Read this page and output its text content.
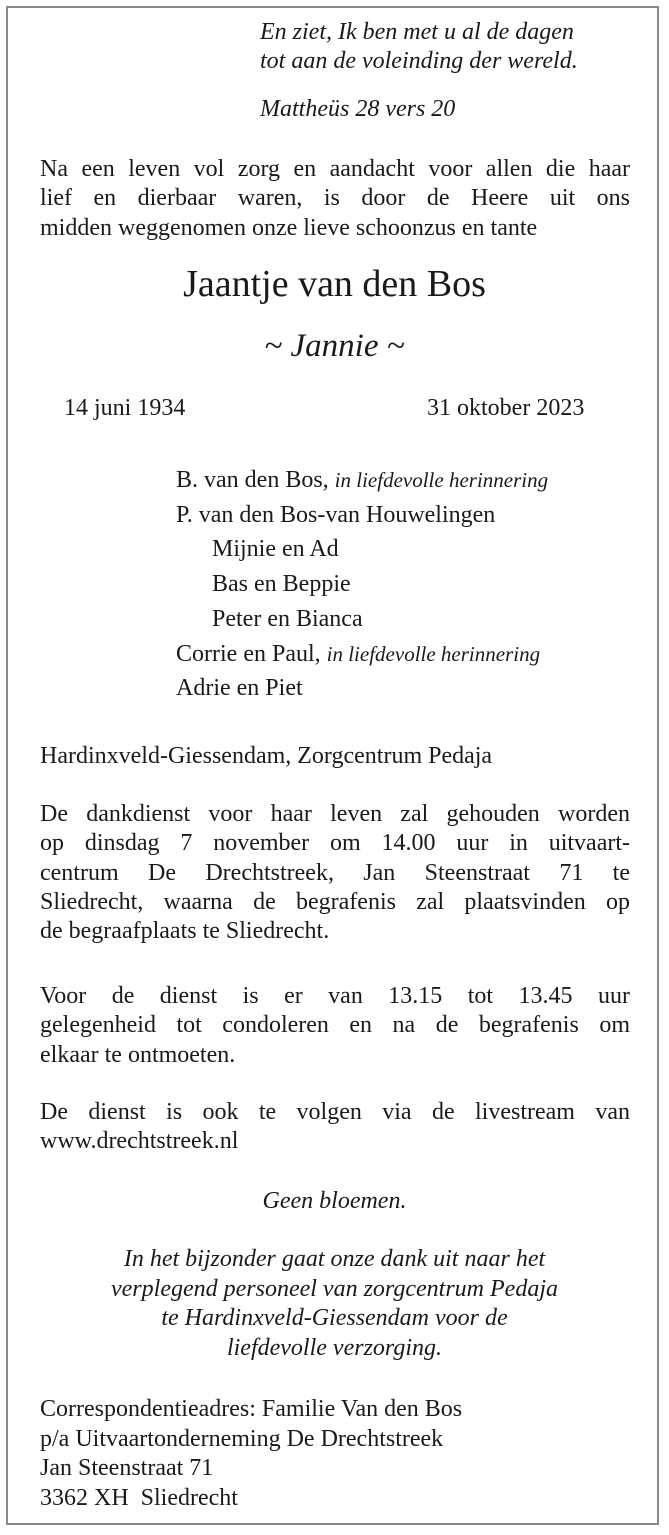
En ziet, Ik ben met u al de dagen
tot aan de voleinding der wereld.
Mattheüs 28 vers 20
Na een leven vol zorg en aandacht voor allen die haar
lief en dierbaar waren, is door de Heere uit ons
midden weggenomen onze lieve schoonzus en tante
Jaantje van den Bos
~ Jannie ~
14 juni 1934	31 oktober 2023
B. van den Bos, in liefdevolle herinnering
P. van den Bos-van Houwelingen
Mijnie en Ad
Bas en Beppie
Peter en Bianca
Corrie en Paul, in liefdevolle herinnering
Adrie en Piet
Hardinxveld-Giessendam, Zorgcentrum Pedaja
De dankdienst voor haar leven zal gehouden worden
op dinsdag 7 november om 14.00 uur in uitvaart-
centrum De Drechtstreek, Jan Steenstraat 71 te
Sliedrecht, waarna de begrafenis zal plaatsvinden op
de begraafplaats te Sliedrecht.
Voor de dienst is er van 13.15 tot 13.45 uur
gelegenheid tot condoleren en na de begrafenis om
elkaar te ontmoeten.
De dienst is ook te volgen via de livestream van
www.drechtstreek.nl
Geen bloemen.
In het bijzonder gaat onze dank uit naar het
verplegend personeel van zorgcentrum Pedaja
te Hardinxveld-Giessendam voor de
liefdevolle verzorging.
Correspondentieadres: Familie Van den Bos
p/a Uitvaartonderneming De Drechtstreek
Jan Steenstraat 71
3362 XH  Sliedrecht
